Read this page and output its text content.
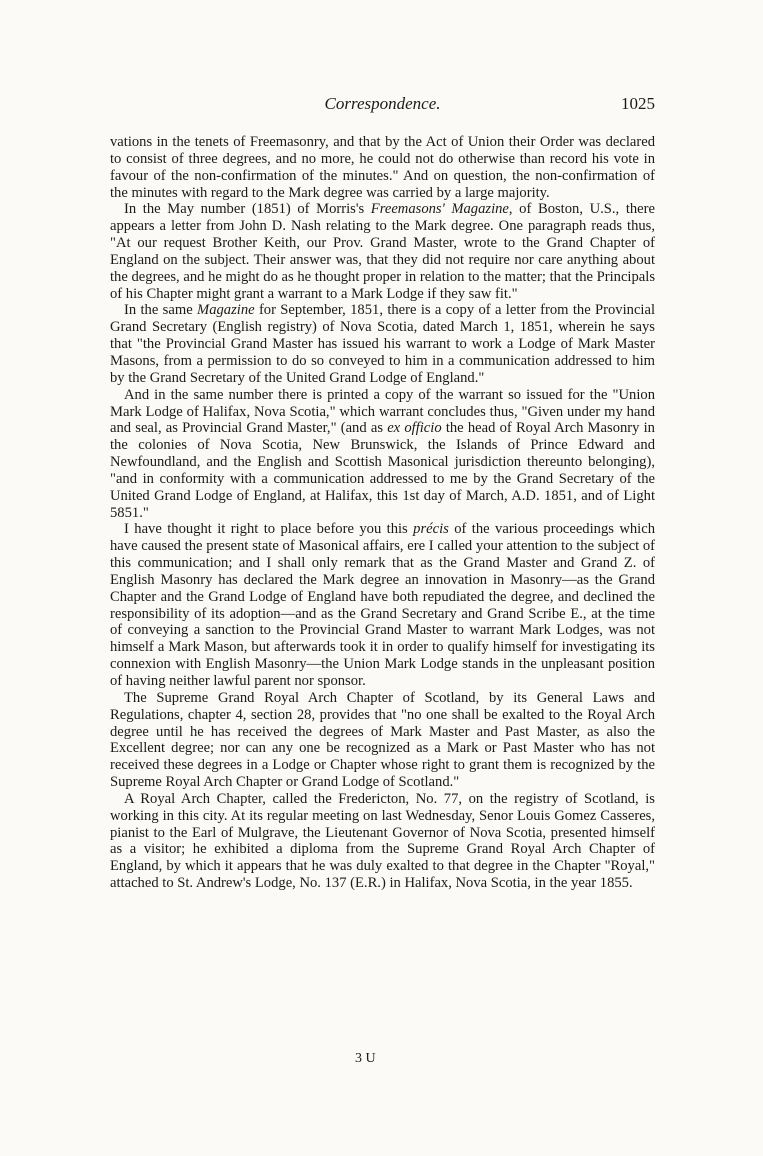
Correspondence.	1025

vations in the tenets of Freemasonry, and that by the Act of Union their Order was declared to consist of three degrees, and no more, he could not do otherwise than record his vote in favour of the non-confirmation of the minutes." And on question, the non-confirmation of the minutes with regard to the Mark degree was carried by a large majority.

In the May number (1851) of Morris's Freemasons' Magazine, of Boston, U.S., there appears a letter from John D. Nash relating to the Mark degree. One paragraph reads thus, "At our request Brother Keith, our Prov. Grand Master, wrote to the Grand Chapter of England on the subject. Their answer was, that they did not require nor care anything about the degrees, and he might do as he thought proper in relation to the matter; that the Principals of his Chapter might grant a warrant to a Mark Lodge if they saw fit."

In the same Magazine for September, 1851, there is a copy of a letter from the Provincial Grand Secretary (English registry) of Nova Scotia, dated March 1, 1851, wherein he says that "the Provincial Grand Master has issued his warrant to work a Lodge of Mark Master Masons, from a permission to do so conveyed to him in a communication addressed to him by the Grand Secretary of the United Grand Lodge of England."

And in the same number there is printed a copy of the warrant so issued for the "Union Mark Lodge of Halifax, Nova Scotia," which warrant concludes thus, "Given under my hand and seal, as Provincial Grand Master," (and as ex officio the head of Royal Arch Masonry in the colonies of Nova Scotia, New Brunswick, the Islands of Prince Edward and Newfoundland, and the English and Scottish Masonical jurisdiction thereunto belonging), "and in conformity with a communication addressed to me by the Grand Secretary of the United Grand Lodge of England, at Halifax, this 1st day of March, A.D. 1851, and of Light 5851."

I have thought it right to place before you this précis of the various proceedings which have caused the present state of Masonical affairs, ere I called your attention to the subject of this communication; and I shall only remark that as the Grand Master and Grand Z. of English Masonry has declared the Mark degree an innovation in Masonry—as the Grand Chapter and the Grand Lodge of England have both repudiated the degree, and declined the responsibility of its adoption—and as the Grand Secretary and Grand Scribe E., at the time of conveying a sanction to the Provincial Grand Master to warrant Mark Lodges, was not himself a Mark Mason, but afterwards took it in order to qualify himself for investigating its connexion with English Masonry—the Union Mark Lodge stands in the unpleasant position of having neither lawful parent nor sponsor.

The Supreme Grand Royal Arch Chapter of Scotland, by its General Laws and Regulations, chapter 4, section 28, provides that "no one shall be exalted to the Royal Arch degree until he has received the degrees of Mark Master and Past Master, as also the Excellent degree; nor can any one be recognized as a Mark or Past Master who has not received these degrees in a Lodge or Chapter whose right to grant them is recognized by the Supreme Royal Arch Chapter or Grand Lodge of Scotland."

A Royal Arch Chapter, called the Fredericton, No. 77, on the registry of Scotland, is working in this city. At its regular meeting on last Wednesday, Senor Louis Gomez Casseres, pianist to the Earl of Mulgrave, the Lieutenant Governor of Nova Scotia, presented himself as a visitor; he exhibited a diploma from the Supreme Grand Royal Arch Chapter of England, by which it appears that he was duly exalted to that degree in the Chapter "Royal," attached to St. Andrew's Lodge, No. 137 (E.R.) in Halifax, Nova Scotia, in the year 1855.

3 U
